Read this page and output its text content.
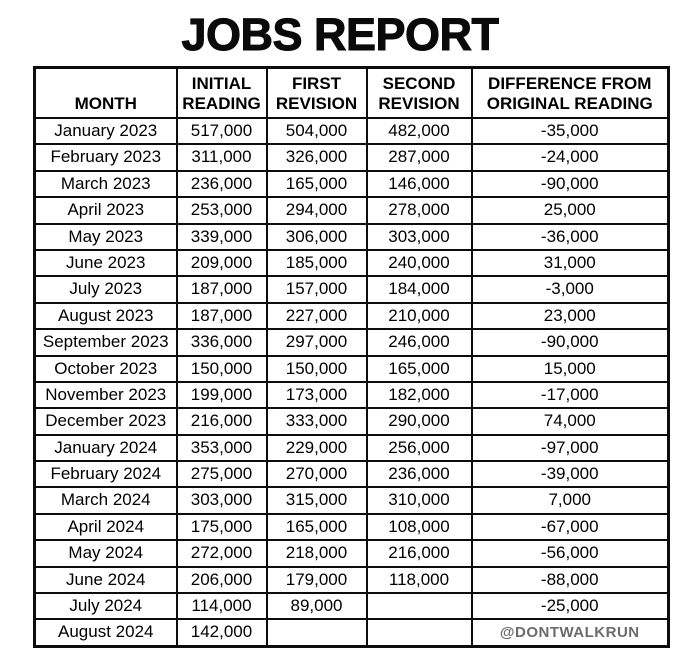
JOBS REPORT
MONTH	INITIAL READING	FIRST REVISION	SECOND REVISION	DIFFERENCE FROM ORIGINAL READING
January 2023	517,000	504,000	482,000	-35,000
February 2023	311,000	326,000	287,000	-24,000
March 2023	236,000	165,000	146,000	-90,000
April 2023	253,000	294,000	278,000	25,000
May 2023	339,000	306,000	303,000	-36,000
June 2023	209,000	185,000	240,000	31,000
July 2023	187,000	157,000	184,000	-3,000
August 2023	187,000	227,000	210,000	23,000
September 2023	336,000	297,000	246,000	-90,000
October 2023	150,000	150,000	165,000	15,000
November 2023	199,000	173,000	182,000	-17,000
December 2023	216,000	333,000	290,000	74,000
January 2024	353,000	229,000	256,000	-97,000
February 2024	275,000	270,000	236,000	-39,000
March 2024	303,000	315,000	310,000	7,000
April 2024	175,000	165,000	108,000	-67,000
May 2024	272,000	218,000	216,000	-56,000
June 2024	206,000	179,000	118,000	-88,000
July 2024	114,000	89,000		-25,000
August 2024	142,000			@DONTWALKRUN
